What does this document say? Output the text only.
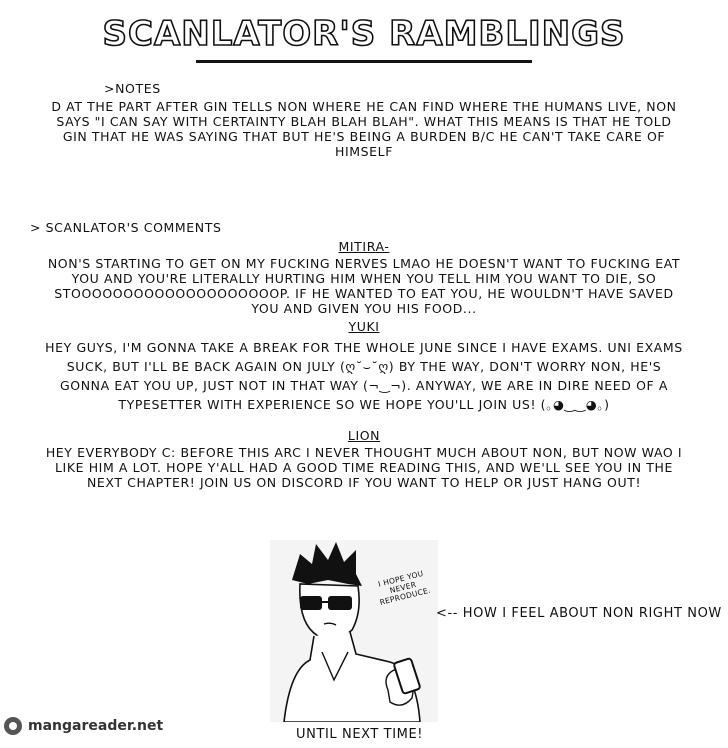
SCANLATOR'S RAMBLINGS
>NOTES
D AT THE PART AFTER GIN TELLS NON WHERE HE CAN FIND WHERE THE HUMANS LIVE, NON SAYS "I CAN SAY WITH CERTAINTY BLAH BLAH BLAH". WHAT THIS MEANS IS THAT HE TOLD GIN THAT HE WAS SAYING THAT BUT HE'S BEING A BURDEN B/C HE CAN'T TAKE CARE OF HIMSELF
> SCANLATOR'S COMMENTS
MITIRA-
NON'S STARTING TO GET ON MY FUCKING NERVES LMAO HE DOESN'T WANT TO FUCKING EAT YOU AND YOU'RE LITERALLY HURTING HIM WHEN YOU TELL HIM YOU WANT TO DIE, SO STOOOOOOOOOOOOOOOOOOOOP. IF HE WANTED TO EAT YOU, HE WOULDN'T HAVE SAVED YOU AND GIVEN YOU HIS FOOD...
YUKI
HEY GUYS, I'M GONNA TAKE A BREAK FOR THE WHOLE JUNE SINCE I HAVE EXAMS. UNI EXAMS SUCK, BUT I'LL BE BACK AGAIN ON JULY (ღ˘⌣˘ღ) BY THE WAY, DON'T WORRY NON, HE'S GONNA EAT YOU UP, JUST NOT IN THAT WAY (¬‿¬). ANYWAY, WE ARE IN DIRE NEED OF A TYPESETTER WITH EXPERIENCE SO WE HOPE YOU'LL JOIN US! (｡◕‿‿◕｡)
LION
HEY EVERYBODY C: BEFORE THIS ARC I NEVER THOUGHT MUCH ABOUT NON, BUT NOW WAO I LIKE HIM A LOT. HOPE Y'ALL HAD A GOOD TIME READING THIS, AND WE'LL SEE YOU IN THE NEXT CHAPTER! JOIN US ON DISCORD IF YOU WANT TO HELP OR JUST HANG OUT!
I HOPE YOU NEVER REPRODUCE.
<-- HOW I FEEL ABOUT NON RIGHT NOW
UNTIL NEXT TIME!
mangareader.net
